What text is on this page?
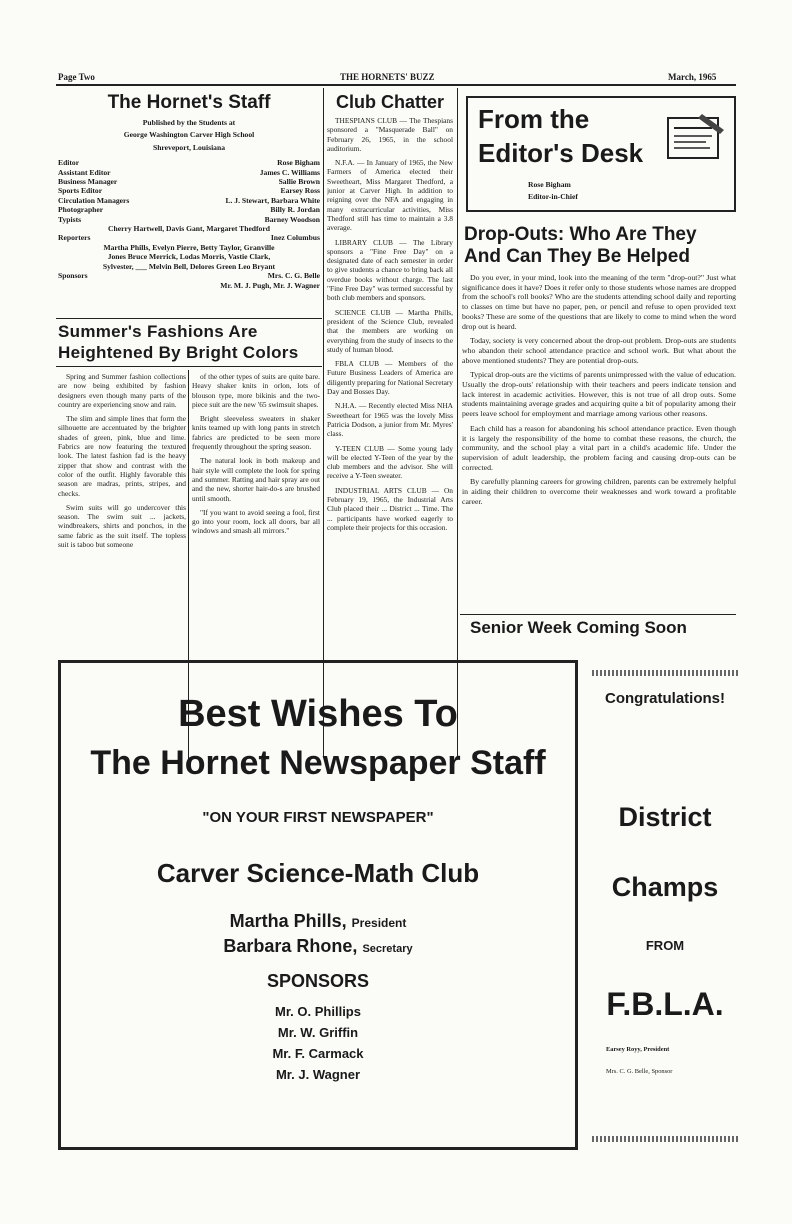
Page Two	THE HORNETS' BUZZ	March, 1965
The Hornet's Staff
Published by the Students at
George Washington Carver High School
Shreveport, Louisiana
Editor	Rose Bigham
Assistant Editor	James C. Williams
Business Manager	Sallie Brown
Sports Editor	Earsey Ross
Circulation Managers	L. J. Stewart, Barbara White
Photographer	Billy R. Jordan
Typists	Barney Woodson
Cherry Hartwell, Davis Gant, Margaret Thedford
Reporters	Inez Columbus
Martha Phills, Evelyn Pierre, Betty Taylor, Granville
Jones Bruce Merrick, Lodas Morris, Vastie Clark,
Sylvester, ___ Melvin Bell, Delores Green Leo Bryant
Sponsors	Mrs. C. G. Belle
Mr. M. J. Pugh, Mr. J. Wagner
Summer's Fashions Are
Heightened By Bright Colors

Spring and Summer fashion collections are now being exhibited by fashion designers even though many parts of the country are experiencing snow and rain.

The slim and simple lines that form the silhouette are accentuated by the brighter shades of green, pink, blue and lime. Fabrics are now featuring the textured look. The latest fashion fad is the heavy zipper that show and contrast with the color of the outfit. Highly favorable this season are madras, prints, stripes, and checks.

Swim suits will go undercover this season. The swim suit ... jackets, windbreakers, shirts and ponchos, in the same fabric as the suit itself. The topless suit is taboo but someone

of the other types of suits are quite bare. Heavy shaker knits in orlon, lots of blouson type, more bikinis and the two-piece suit are the new '65 swimsuit shapes.

Bright sleeveless sweaters in shaker knits teamed up with long pants in stretch fabrics are predicted to be seen more frequently throughout the spring season.

The natural look in both makeup and hair style will complete the look for spring and summer. Ratting and hair spray are out and the new, shorter hair-do-s are brushed until smooth.

"If you want to avoid seeing a fool, first go into your room, lock all doors, bar all windows and smash all mirrors."

Club Chatter

THESPIANS CLUB — The Thespians sponsored a "Masquerade Ball" on February 26, 1965, in the school auditorium.

N.F.A. — In January of 1965, the New Farmers of America elected their Sweetheart, Miss Margaret Thedford, a junior at Carver High. In addition to reigning over the NFA and engaging in many extracurricular activities, Miss Thedford still has time to maintain a 3.8 average.

LIBRARY CLUB — The Library sponsors a "Fine Free Day" on a designated date of each semester in order to give students a chance to bring back all overdue books without charge. The last "Fine Free Day" was termed successful by both club members and sponsors.

SCIENCE CLUB — Martha Phills, president of the Science Club, revealed that the members are working on everything from the study of insects to the study of human blood.

FBLA CLUB — Members of the Future Business Leaders of America are diligently preparing for National Secretary Day and Bosses Day.

N.H.A. — Recently elected Miss NHA Sweetheart for 1965 was the lovely Miss Patricia Dodson, a junior from Mr. Myres' class.

Y-TEEN CLUB — Some young lady will be elected Y-Teen of the year by the club members and the advisor. She will receive a Y-Teen sweater.

INDUSTRIAL ARTS CLUB — On February 19, 1965, the Industrial Arts Club placed their ... District ... Time. The ... participants have worked eagerly to complete their projects for this occasion.

From the
Editor's Desk
Rose Bigham
Editor-in-Chief
Drop-Outs: Who Are They
And Can They Be Helped

Do you ever, in your mind, look into the meaning of the term "drop-out?" Just what significance does it have? Does it refer only to those students whose names are dropped from the school's roll books? Who are the students attending school daily and reporting to classes on time but have no paper, pen, or pencil and refuse to open provided text books? These are some of the questions that are likely to come to mind when the word drop out is heard.

Today, society is very concerned about the drop-out problem. Drop-outs are students who abandon their school attendance practice and school work. But what about the above mentioned students? They are potential drop-outs.

Typical drop-outs are the victims of parents unimpressed with the value of education. Usually the drop-outs' relationship with their teachers and peers indicate tension and lack interest in academic activities. However, this is not true of all drop outs. Some students maintaining average grades and acquiring quite a bit of popularity among their peers leave school for employment and marriage among various other reasons.

Each child has a reason for abandoning his school attendance practice. Even though it is largely the responsibility of the home to combat these reasons, the church, the community, and the school play a vital part in a child's academic life. Under the supervision of adult leadership, the problem facing and causing drop-outs can be corrected.

By carefully planning careers for growing children, parents can be extremely helpful in aiding their children to overcome their weaknesses and work toward a profitable career.

Senior Week Coming Soon
Best Wishes To
The Hornet Newspaper Staff
"ON YOUR FIRST NEWSPAPER"
Carver Science-Math Club
Martha Phills, President
Barbara Rhone, Secretary
SPONSORS
Mr. O. Phillips
Mr. W. Griffin
Mr. F. Carmack
Mr. J. Wagner
Congratulations!
District
Champs
FROM
F.B.L.A.
Earsey Royy, President
Mrs. C. G. Belle, Sponsor
